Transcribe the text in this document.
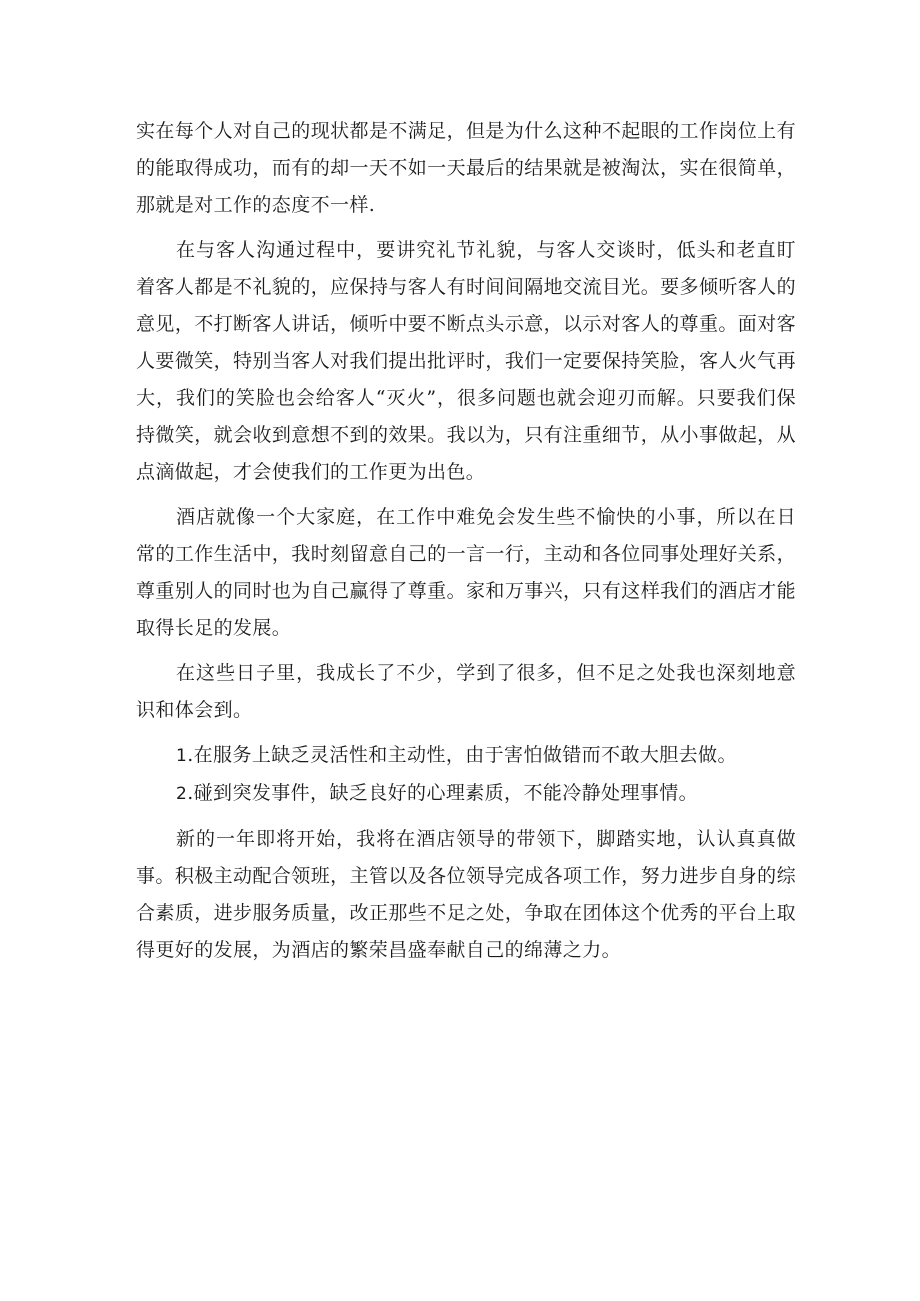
实在每个人对自己的现状都是不满足，但是为什么这种不起眼的工作岗位上有的能取得成功，而有的却一天不如一天最后的结果就是被淘汰，实在很简单，那就是对工作的态度不一样.

在与客人沟通过程中，要讲究礼节礼貌，与客人交谈时，低头和老直盯着客人都是不礼貌的，应保持与客人有时间间隔地交流目光。要多倾听客人的意见，不打断客人讲话，倾听中要不断点头示意，以示对客人的尊重。面对客人要微笑，特别当客人对我们提出批评时，我们一定要保持笑脸，客人火气再大，我们的笑脸也会给客人“灭火”，很多问题也就会迎刃而解。只要我们保持微笑，就会收到意想不到的效果。我以为，只有注重细节，从小事做起，从点滴做起，才会使我们的工作更为出色。

酒店就像一个大家庭，在工作中难免会发生些不愉快的小事，所以在日常的工作生活中，我时刻留意自己的一言一行，主动和各位同事处理好关系，尊重别人的同时也为自己赢得了尊重。家和万事兴，只有这样我们的酒店才能取得长足的发展。

在这些日子里，我成长了不少，学到了很多，但不足之处我也深刻地意识和体会到。

1.在服务上缺乏灵活性和主动性，由于害怕做错而不敢大胆去做。
2.碰到突发事件，缺乏良好的心理素质，不能冷静处理事情。

新的一年即将开始，我将在酒店领导的带领下，脚踏实地，认认真真做事。积极主动配合领班，主管以及各位领导完成各项工作，努力进步自身的综合素质，进步服务质量，改正那些不足之处，争取在团体这个优秀的平台上取得更好的发展，为酒店的繁荣昌盛奉献自己的绵薄之力。
